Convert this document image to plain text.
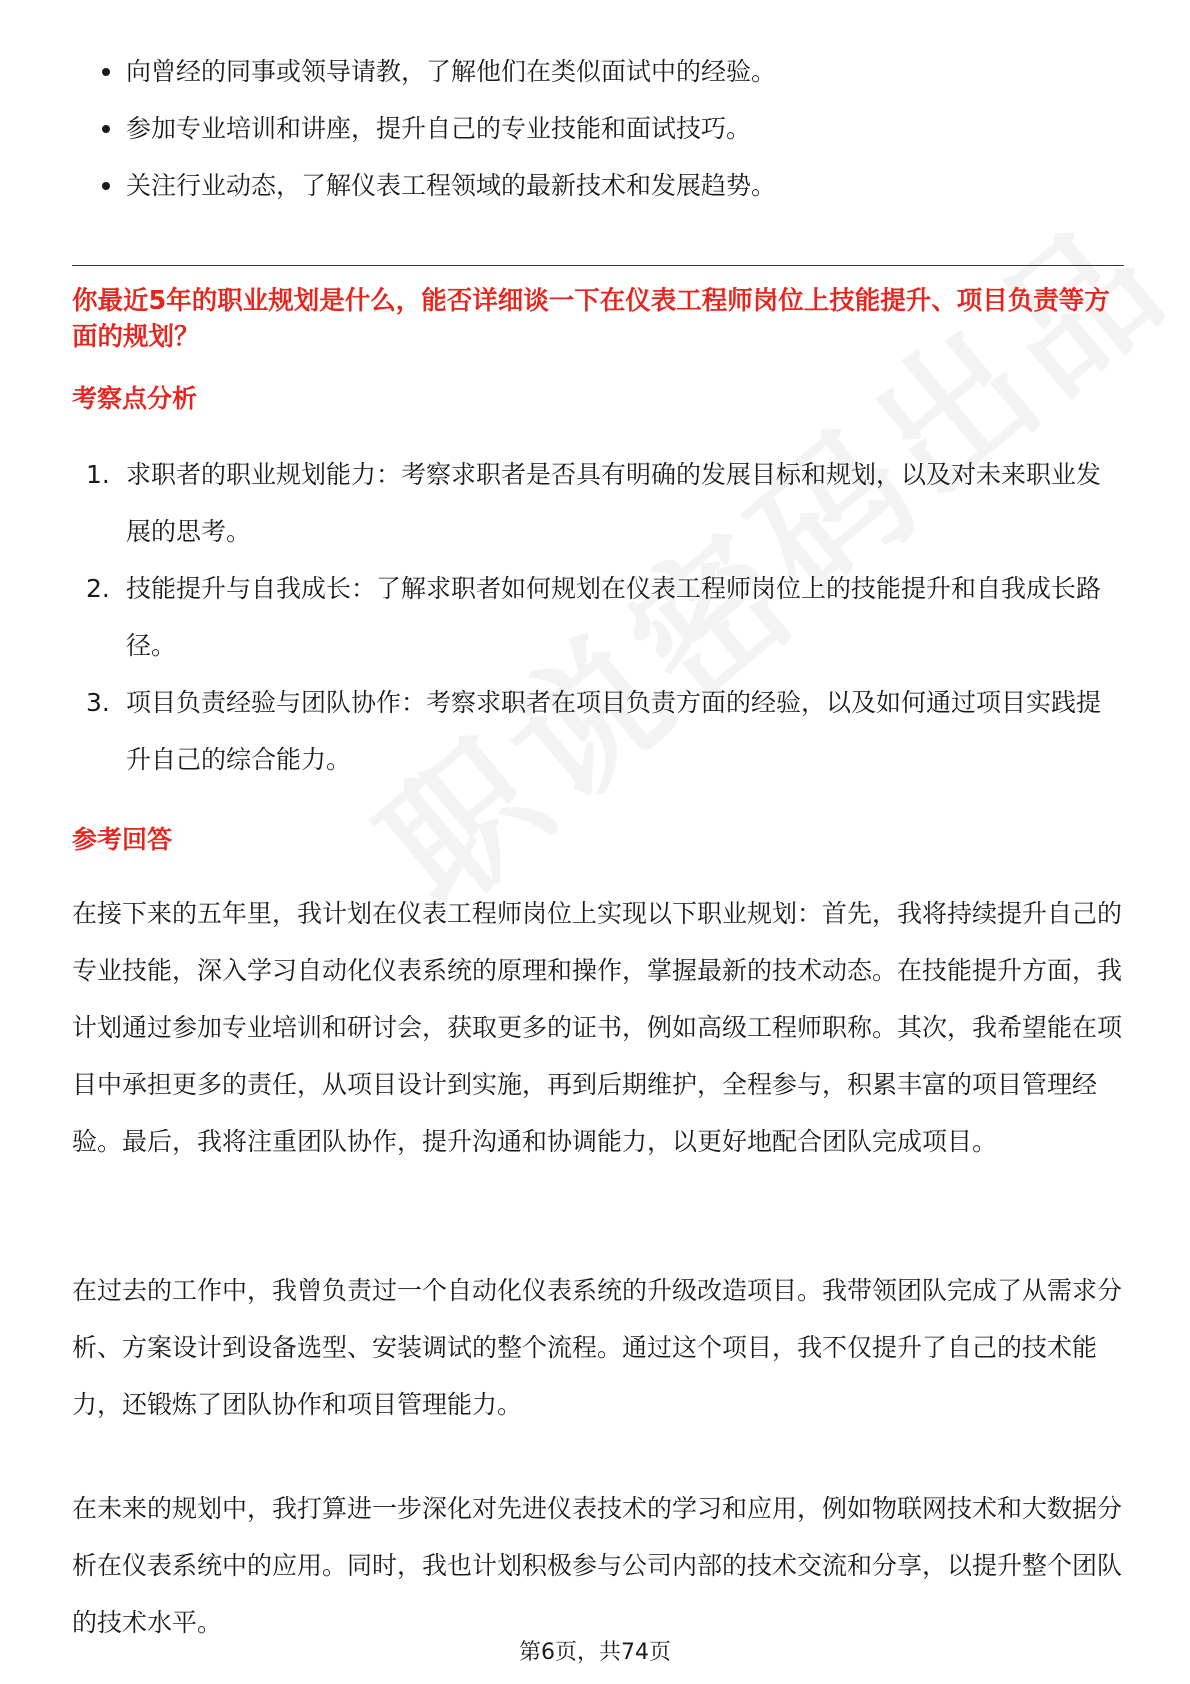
向曾经的同事或领导请教，了解他们在类似面试中的经验。
参加专业培训和讲座，提升自己的专业技能和面试技巧。
关注行业动态，了解仪表工程领域的最新技术和发展趋势。
你最近5年的职业规划是什么，能否详细谈一下在仪表工程师岗位上技能提升、项目负责等方面的规划？
考察点分析
1. 求职者的职业规划能力：考察求职者是否具有明确的发展目标和规划，以及对未来职业发展的思考。
2. 技能提升与自我成长：了解求职者如何规划在仪表工程师岗位上的技能提升和自我成长路径。
3. 项目负责经验与团队协作：考察求职者在项目负责方面的经验，以及如何通过项目实践提升自己的综合能力。
参考回答

在接下来的五年里，我计划在仪表工程师岗位上实现以下职业规划：首先，我将持续提升自己的专业技能，深入学习自动化仪表系统的原理和操作，掌握最新的技术动态。在技能提升方面，我计划通过参加专业培训和研讨会，获取更多的证书，例如高级工程师职称。其次，我希望能在项目中承担更多的责任，从项目设计到实施，再到后期维护，全程参与，积累丰富的项目管理经验。最后，我将注重团队协作，提升沟通和协调能力，以更好地配合团队完成项目。

在过去的工作中，我曾负责过一个自动化仪表系统的升级改造项目。我带领团队完成了从需求分析、方案设计到设备选型、安装调试的整个流程。通过这个项目，我不仅提升了自己的技术能力，还锻炼了团队协作和项目管理能力。

在未来的规划中，我打算进一步深化对先进仪表技术的学习和应用，例如物联网技术和大数据分析在仪表系统中的应用。同时，我也计划积极参与公司内部的技术交流和分享，以提升整个团队的技术水平。

第6页，共74页
